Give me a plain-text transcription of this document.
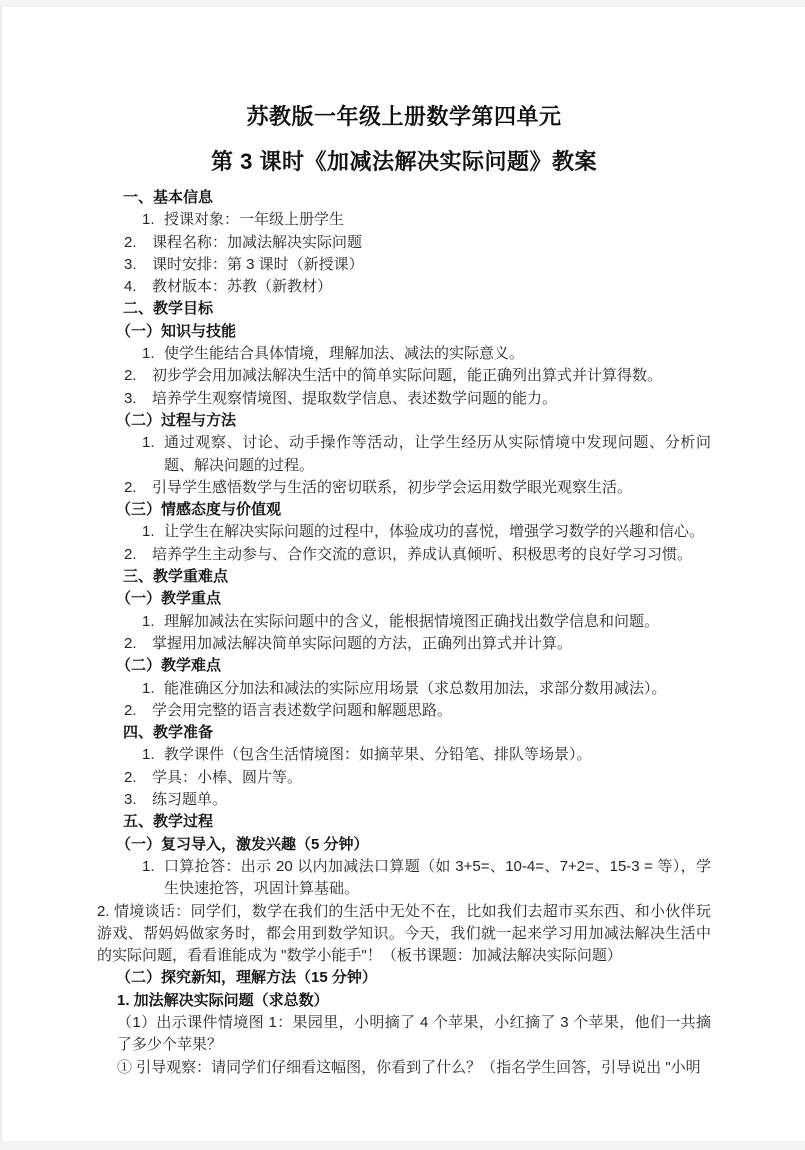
苏教版一年级上册数学第四单元
第 3 课时《加减法解决实际问题》教案
一、基本信息
1. 授课对象：一年级上册学生
2. 课程名称：加减法解决实际问题
3. 课时安排：第 3 课时（新授课）
4. 教材版本：苏教（新教材）
二、教学目标
（一）知识与技能
1. 使学生能结合具体情境，理解加法、减法的实际意义。
2. 初步学会用加减法解决生活中的简单实际问题，能正确列出算式并计算得数。
3. 培养学生观察情境图、提取数学信息、表述数学问题的能力。
（二）过程与方法
1. 通过观察、讨论、动手操作等活动，让学生经历从实际情境中发现问题、分析问题、解决问题的过程。
2. 引导学生感悟数学与生活的密切联系，初步学会运用数学眼光观察生活。
（三）情感态度与价值观
1. 让学生在解决实际问题的过程中，体验成功的喜悦，增强学习数学的兴趣和信心。
2. 培养学生主动参与、合作交流的意识，养成认真倾听、积极思考的良好学习习惯。
三、教学重难点
（一）教学重点
1. 理解加减法在实际问题中的含义，能根据情境图正确找出数学信息和问题。
2. 掌握用加减法解决简单实际问题的方法，正确列出算式并计算。
（二）教学难点
1. 能准确区分加法和减法的实际应用场景（求总数用加法，求部分数用减法）。
2. 学会用完整的语言表述数学问题和解题思路。
四、教学准备
1. 教学课件（包含生活情境图：如摘苹果、分铅笔、排队等场景）。
2. 学具：小棒、圆片等。
3. 练习题单。
五、教学过程
（一）复习导入，激发兴趣（5 分钟）
1. 口算抢答：出示 20 以内加减法口算题（如 3+5=、10-4=、7+2=、15-3 = 等），学生快速抢答，巩固计算基础。
2. 情境谈话：同学们，数学在我们的生活中无处不在，比如我们去超市买东西、和小伙伴玩游戏、帮妈妈做家务时，都会用到数学知识。今天，我们就一起来学习用加减法解决生活中的实际问题，看看谁能成为 "数学小能手"！（板书课题：加减法解决实际问题）
（二）探究新知，理解方法（15 分钟）
1. 加法解决实际问题（求总数）
（1）出示课件情境图 1：果园里，小明摘了 4 个苹果，小红摘了 3 个苹果，他们一共摘了多少个苹果？
① 引导观察：请同学们仔细看这幅图，你看到了什么？（指名学生回答，引导说出 "小明
